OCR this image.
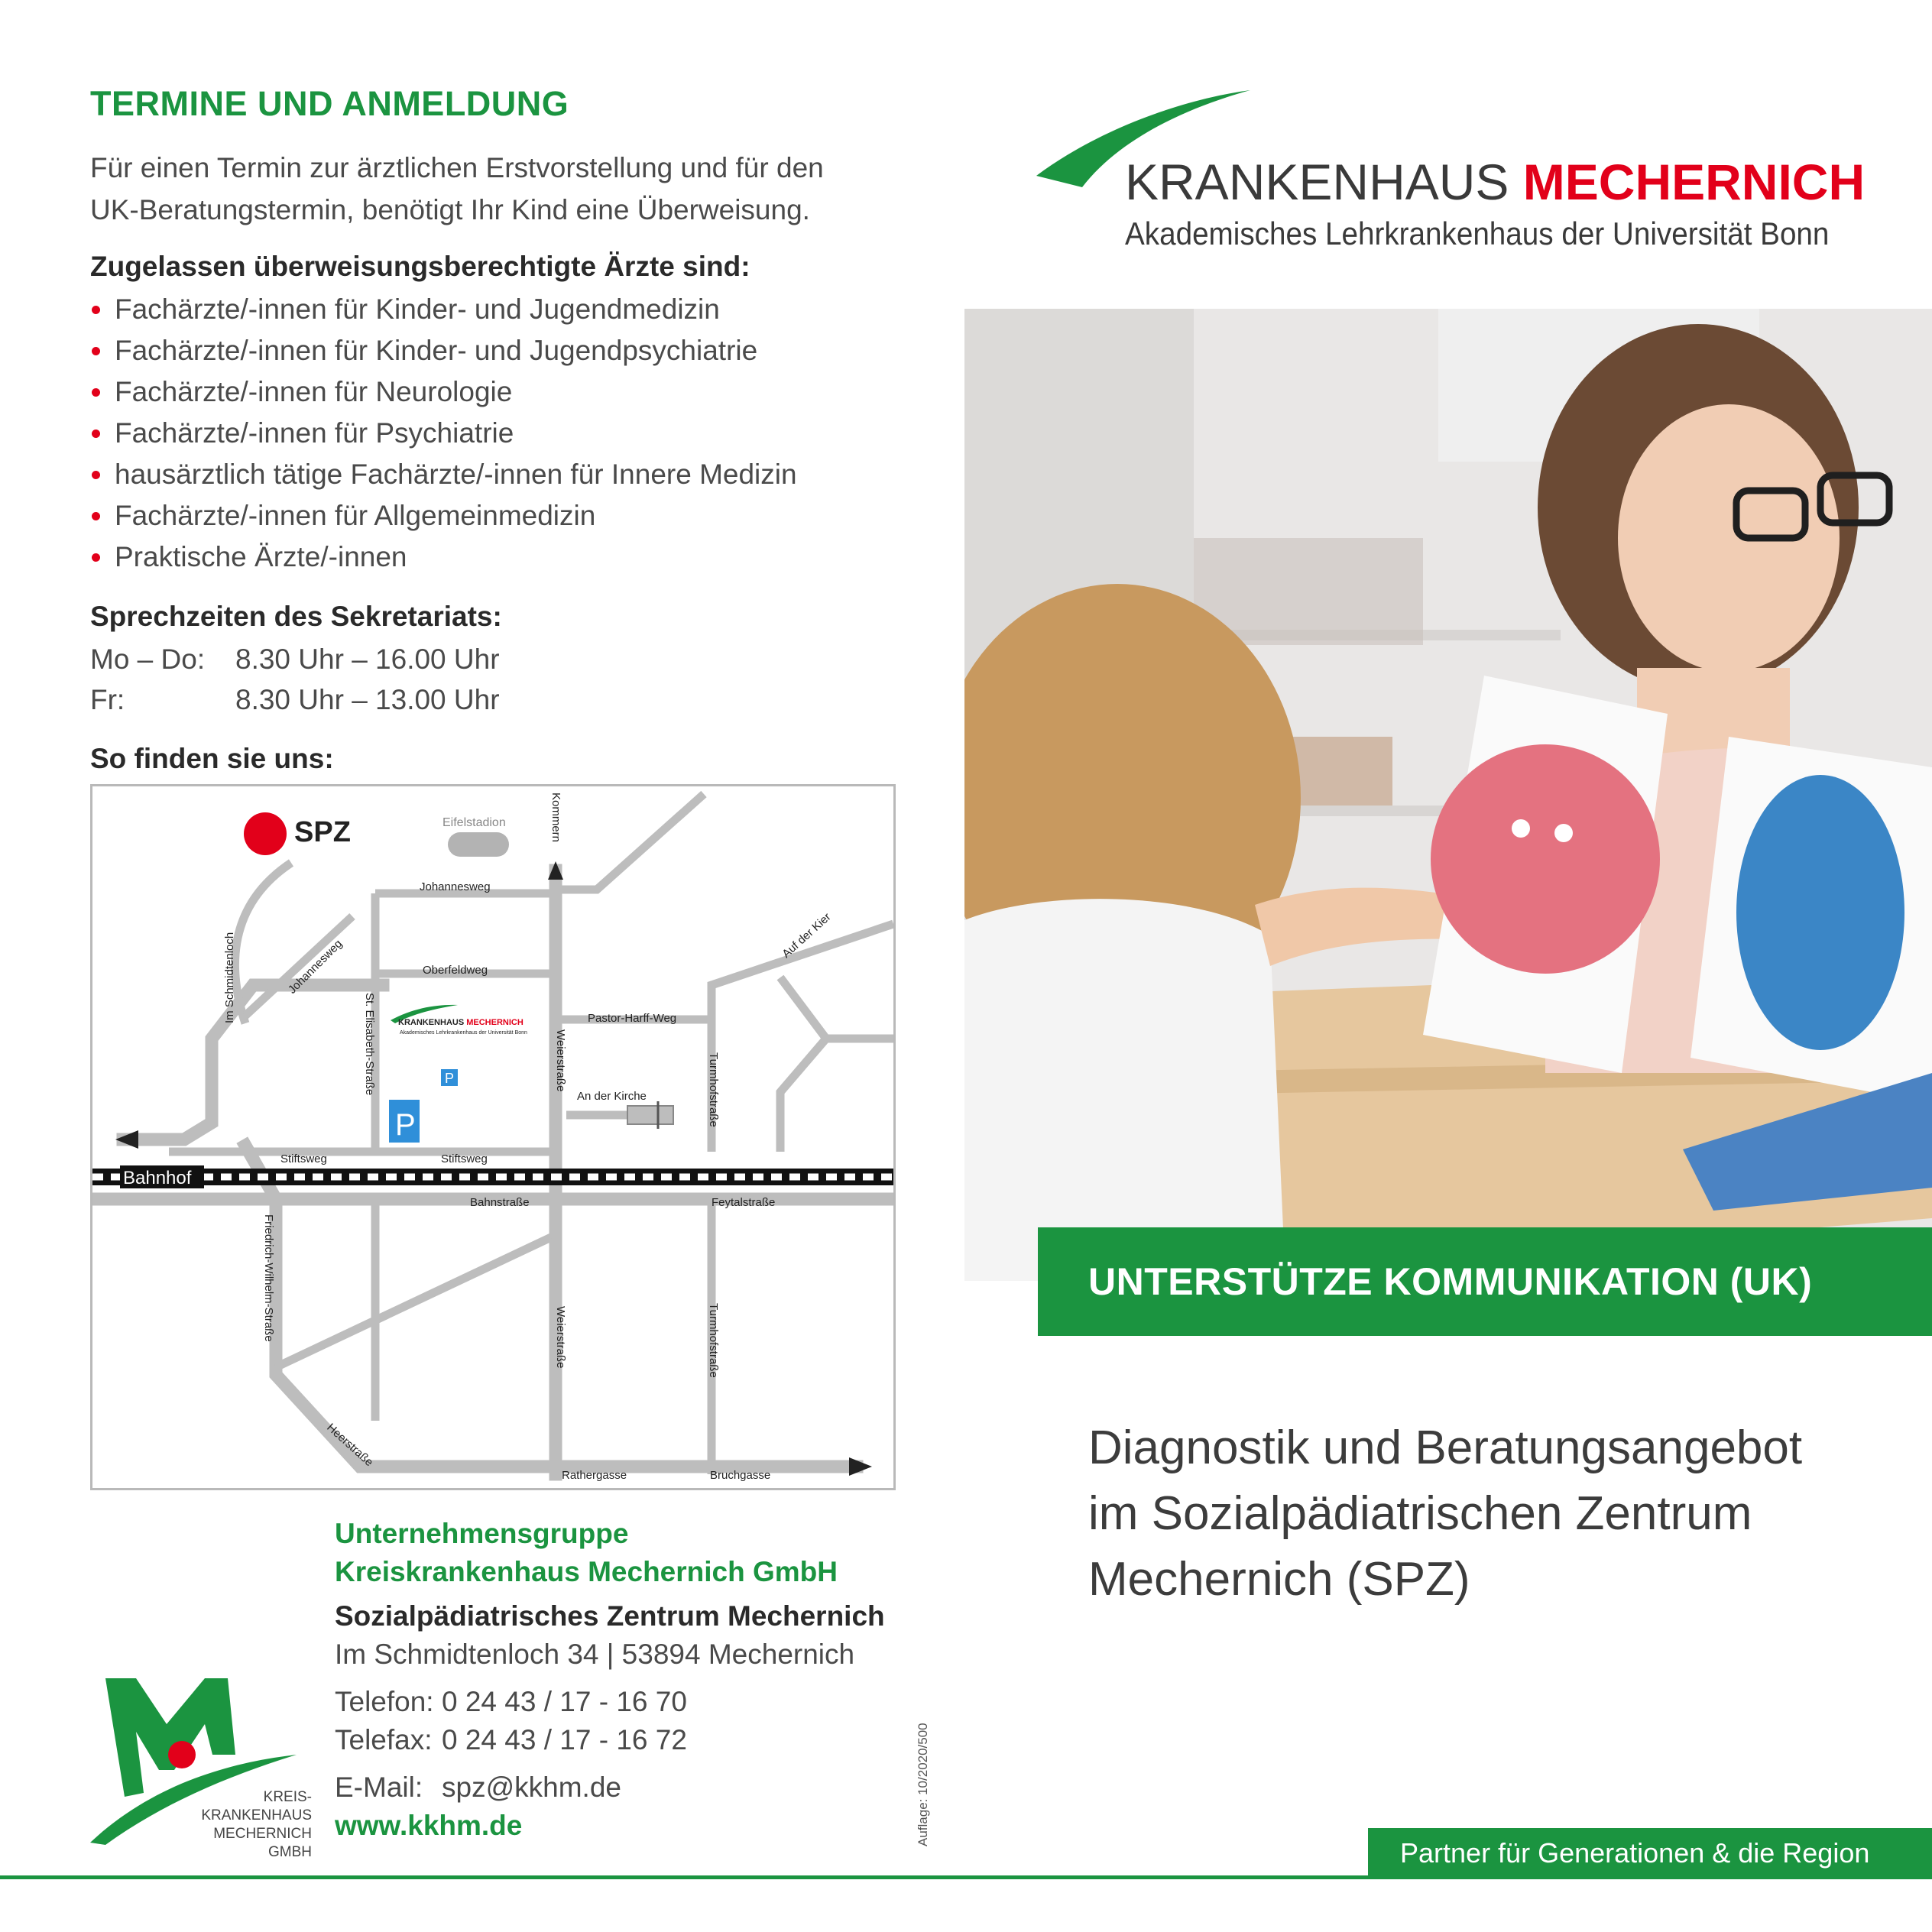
TERMINE UND ANMELDUNG
Für einen Termin zur ärztlichen Erstvorstellung und für den
UK-Beratungstermin, benötigt Ihr Kind eine Überweisung.
Zugelassen überweisungsberechtigte Ärzte sind:
Fachärzte/-innen für Kinder- und Jugendmedizin
Fachärzte/-innen für Kinder- und Jugendpsychiatrie
Fachärzte/-innen für Neurologie
Fachärzte/-innen für Psychiatrie
hausärztlich tätige Fachärzte/-innen für Innere Medizin
Fachärzte/-innen für Allgemeinmedizin
Praktische Ärzte/-innen
Sprechzeiten des Sekretariats:
Mo – Do: 8.30 Uhr – 16.00 Uhr
Fr:	8.30 Uhr – 13.00 Uhr
So finden sie uns:
SPZ	Eifelstadion	Kommern
Johannesweg
Johannesweg	Oberfeldweg
Im Schmidtenloch
St. Elisabeth-Straße	Weierstraße
Pastor-Harff-Weg
An der Kirche	Turmhofstraße
Auf der Kier
Stiftsweg	Stiftsweg
Bahnhof
Bahnstraße	Feytalstraße
Friedrich-Wilhelm-Straße	Weierstraße	Turmhofstraße
Heerstraße
Rathergasse	Bruchgasse
P
P
KRANKENHAUS MECHERNICH
Akademisches Lehrkrankenhaus der Universität Bonn
Unternehmensgruppe
Kreiskrankenhaus Mechernich GmbH
Sozialpädiatrisches Zentrum Mechernich
Im Schmidtenloch 34 | 53894 Mechernich
Telefon: 0 24 43 / 17 - 16 70
Telefax: 0 24 43 / 17 - 16 72
E-Mail: spz@kkhm.de
www.kkhm.de	Auflage: 10/2020/500
KREIS-
KRANKENHAUS
MECHERNICH GMBH
KRANKENHAUS MECHERNICH
Akademisches Lehrkrankenhaus der Universität Bonn
UNTERSTÜTZE KOMMUNIKATION (UK)
Diagnostik und Beratungsangebot
im Sozialpädiatrischen Zentrum
Mechernich (SPZ)
Partner für Generationen & die Region
